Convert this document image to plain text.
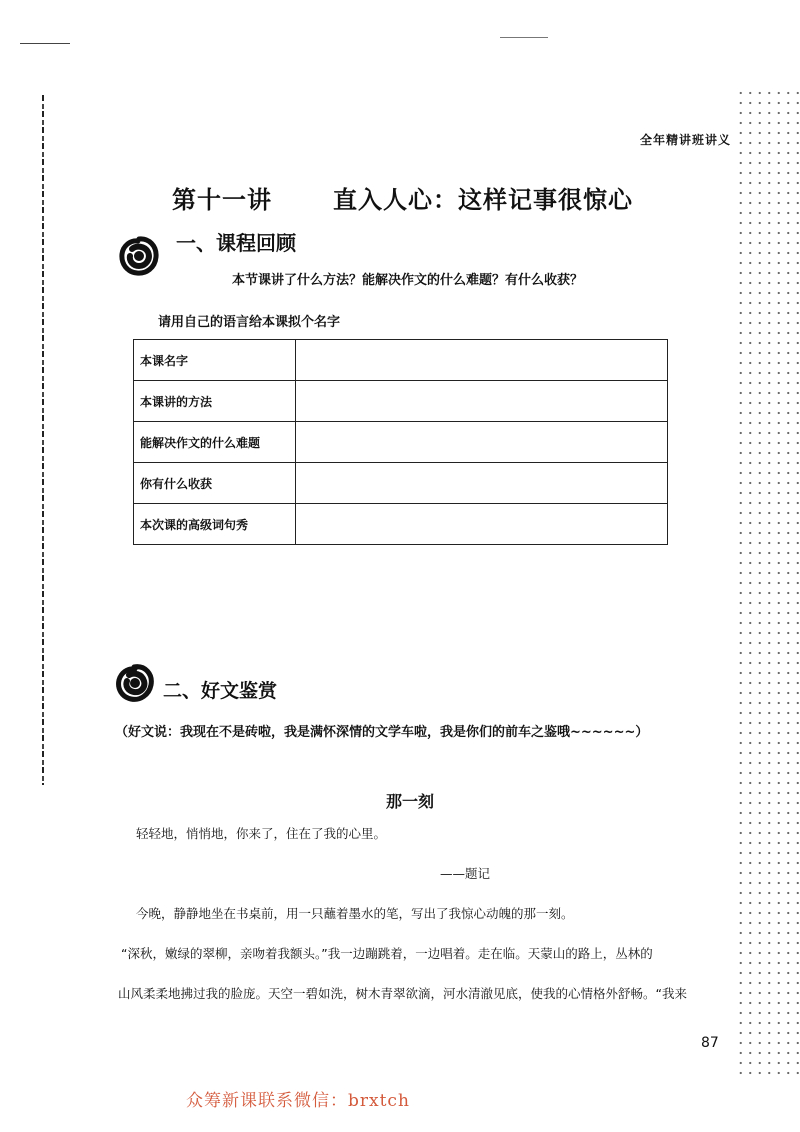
全年精讲班讲义
第十一讲	直入人心：这样记事很惊心
一、课程回顾
本节课讲了什么方法？能解决作文的什么难题？有什么收获？
请用自己的语言给本课拟个名字
本课名字	
本课讲的方法	
能解决作文的什么难题	
你有什么收获	
本次课的高级词句秀	
二、好文鉴赏
（好文说：我现在不是砖啦，我是满怀深情的文学车啦，我是你们的前车之鉴哦~~~~~~）
那一刻
轻轻地，悄悄地，你来了，住在了我的心里。
——题记
今晚，静静地坐在书桌前，用一只蘸着墨水的笔，写出了我惊心动魄的那一刻。
“深秋，嫩绿的翠柳，亲吻着我额头。”我一边蹦跳着，一边唱着。走在临。天蒙山的路上，丛林的
山风柔柔地拂过我的脸庞。天空一碧如洗，树木青翠欲滴，河水清澈见底，使我的心情格外舒畅。“我来
87
众筹新课联系微信：brxtch
